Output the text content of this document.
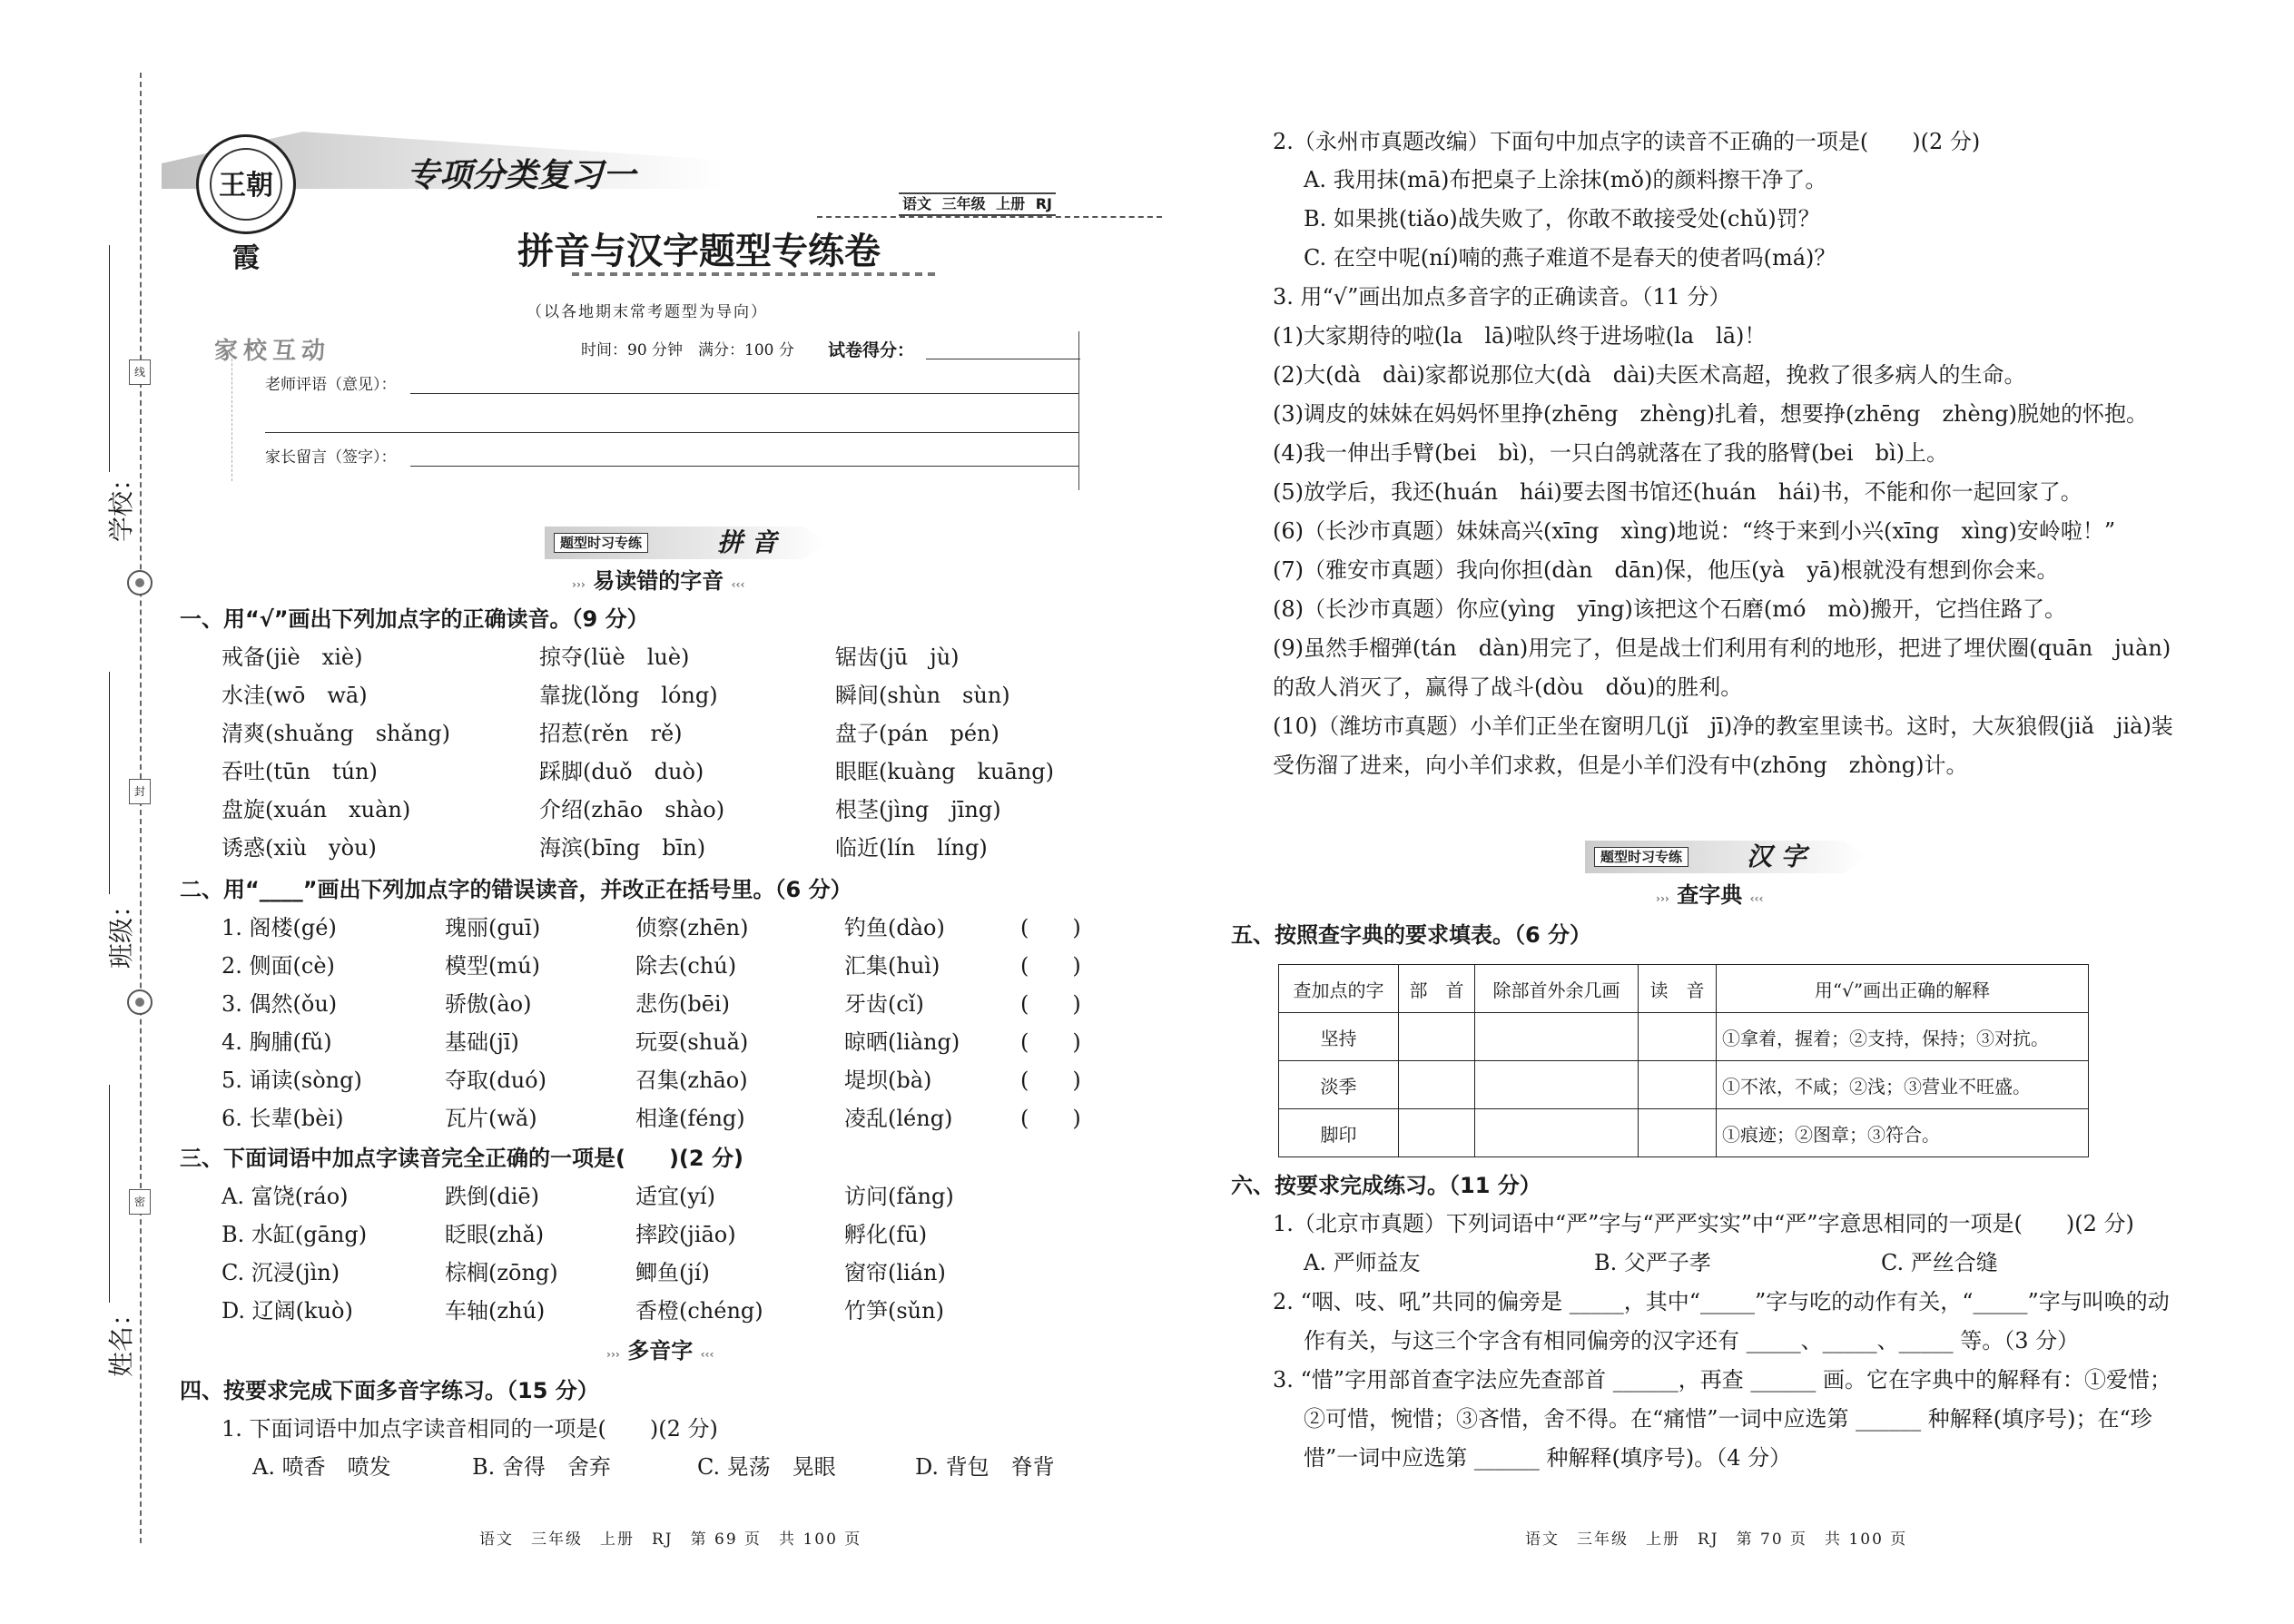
学校：
班级：
姓名：
线
封
密
王朝霞
专项分类复习一
语文 三年级 上册 RJ
拼音与汉字题型专练卷
（以各地期末常考题型为导向）
家校互动	时间：90 分钟　满分：100 分 试卷得分：
老师评语（意见）：
家长留言（签字）：
题型时习专练	拼 音
››› 易读错的字音 ‹‹‹
一、用“√”画出下列加点字的正确读音。（9 分）
戒备(jiè　xiè)	掠夺(lüè　luè)	锯齿(jū　jù)
水洼(wō　wā)	靠拢(lǒng　lóng)	瞬间(shùn　sùn)
清爽(shuǎng　shǎng)	招惹(rěn　rě)	盘子(pán　pén)
吞吐(tūn　tún)	踩脚(duǒ　duò)	眼眶(kuàng　kuāng)
盘旋(xuán　xuàn)	介绍(zhāo　shào)	根茎(jìng　jīng)
诱惑(xiù　yòu)	海滨(bīng　bīn)	临近(lín　líng)
二、用“____”画出下列加点字的错误读音，并改正在括号里。（6 分）
1. 阁楼(gé)	瑰丽(guī)	侦察(zhēn)	钓鱼(dào)	(　　)
2. 侧面(cè)	模型(mú)	除去(chú)	汇集(huì)	(　　)
3. 偶然(ǒu)	骄傲(ào)	悲伤(bēi)	牙齿(cǐ)	(　　)
4. 胸脯(fǔ)	基础(jī)	玩耍(shuǎ)	晾晒(liàng)	(　　)
5. 诵读(sòng)	夺取(duó)	召集(zhāo)	堤坝(bà)	(　　)
6. 长辈(bèi)	瓦片(wǎ)	相逢(féng)	凌乱(léng)	(　　)
三、下面词语中加点字读音完全正确的一项是(　　)(2 分)
A. 富饶(ráo)	跌倒(diē)	适宜(yí)	访问(fǎng)
B. 水缸(gāng)	眨眼(zhǎ)	摔跤(jiāo)	孵化(fū)
C. 沉浸(jìn)	棕榈(zōng)	鲫鱼(jí)	窗帘(lián)
D. 辽阔(kuò)	车轴(zhú)	香橙(chéng)	竹笋(sǔn)
››› 多音字 ‹‹‹
四、按要求完成下面多音字练习。（15 分）
1. 下面词语中加点字读音相同的一项是(　　)(2 分)
A. 喷香　喷发	B. 舍得　舍弃	C. 晃荡　晃眼	D. 背包　脊背
2.（永州市真题改编）下面句中加点字的读音不正确的一项是(　　)(2 分)
A. 我用抹(mā)布把桌子上涂抹(mǒ)的颜料擦干净了。
B. 如果挑(tiǎo)战失败了，你敢不敢接受处(chǔ)罚？
C. 在空中呢(ní)喃的燕子难道不是春天的使者吗(má)？
3. 用“√”画出加点多音字的正确读音。（11 分）
(1)大家期待的啦(la　lā)啦队终于进场啦(la　lā)！
(2)大(dà　dài)家都说那位大(dà　dài)夫医术高超，挽救了很多病人的生命。
(3)调皮的妹妹在妈妈怀里挣(zhēng　zhèng)扎着，想要挣(zhēng　zhèng)脱她的怀抱。
(4)我一伸出手臂(bei　bì)，一只白鸽就落在了我的胳臂(bei　bì)上。
(5)放学后，我还(huán　hái)要去图书馆还(huán　hái)书，不能和你一起回家了。
(6)（长沙市真题）妹妹高兴(xīng　xìng)地说：“终于来到小兴(xīng　xìng)安岭啦！”
(7)（雅安市真题）我向你担(dàn　dān)保，他压(yà　yā)根就没有想到你会来。
(8)（长沙市真题）你应(yìng　yīng)该把这个石磨(mó　mò)搬开，它挡住路了。
(9)虽然手榴弹(tán　dàn)用完了，但是战士们利用有利的地形，把进了埋伏圈(quān　juàn)
的敌人消灭了，赢得了战斗(dòu　dǒu)的胜利。
(10)（潍坊市真题）小羊们正坐在窗明几(jǐ　jī)净的教室里读书。这时，大灰狼假(jiǎ　jià)装
受伤溜了进来，向小羊们求救，但是小羊们没有中(zhōng　zhòng)计。
题型时习专练	汉 字
››› 查字典 ‹‹‹
五、按照查字典的要求填表。（6 分）
查加点的字	部　首	除部首外余几画	读　音	用“√”画出正确的解释
坚持				①拿着，握着；②支持，保持；③对抗。
淡季				①不浓，不咸；②浅；③营业不旺盛。
脚印				①痕迹；②图章；③符合。
六、按要求完成练习。（11 分）
1.（北京市真题）下列词语中“严”字与“严严实实”中“严”字意思相同的一项是(　　)(2 分)
A. 严师益友	B. 父严子孝	C. 严丝合缝
2. “咽、吱、吼”共同的偏旁是 _____，其中“_____”字与吃的动作有关，“_____”字与叫唤的动
作有关，与这三个字含有相同偏旁的汉字还有 _____、_____、_____ 等。（3 分）
3. “惜”字用部首查字法应先查部首 ______，再查 ______ 画。它在字典中的解释有：①爱惜；
②可惜，惋惜；③吝惜，舍不得。在“痛惜”一词中应选第 ______ 种解释(填序号)；在“珍
惜”一词中应选第 ______ 种解释(填序号)。（4 分）
语文　三年级　上册　RJ　第 69 页　共 100 页	语文　三年级　上册　RJ　第 70 页　共 100 页
